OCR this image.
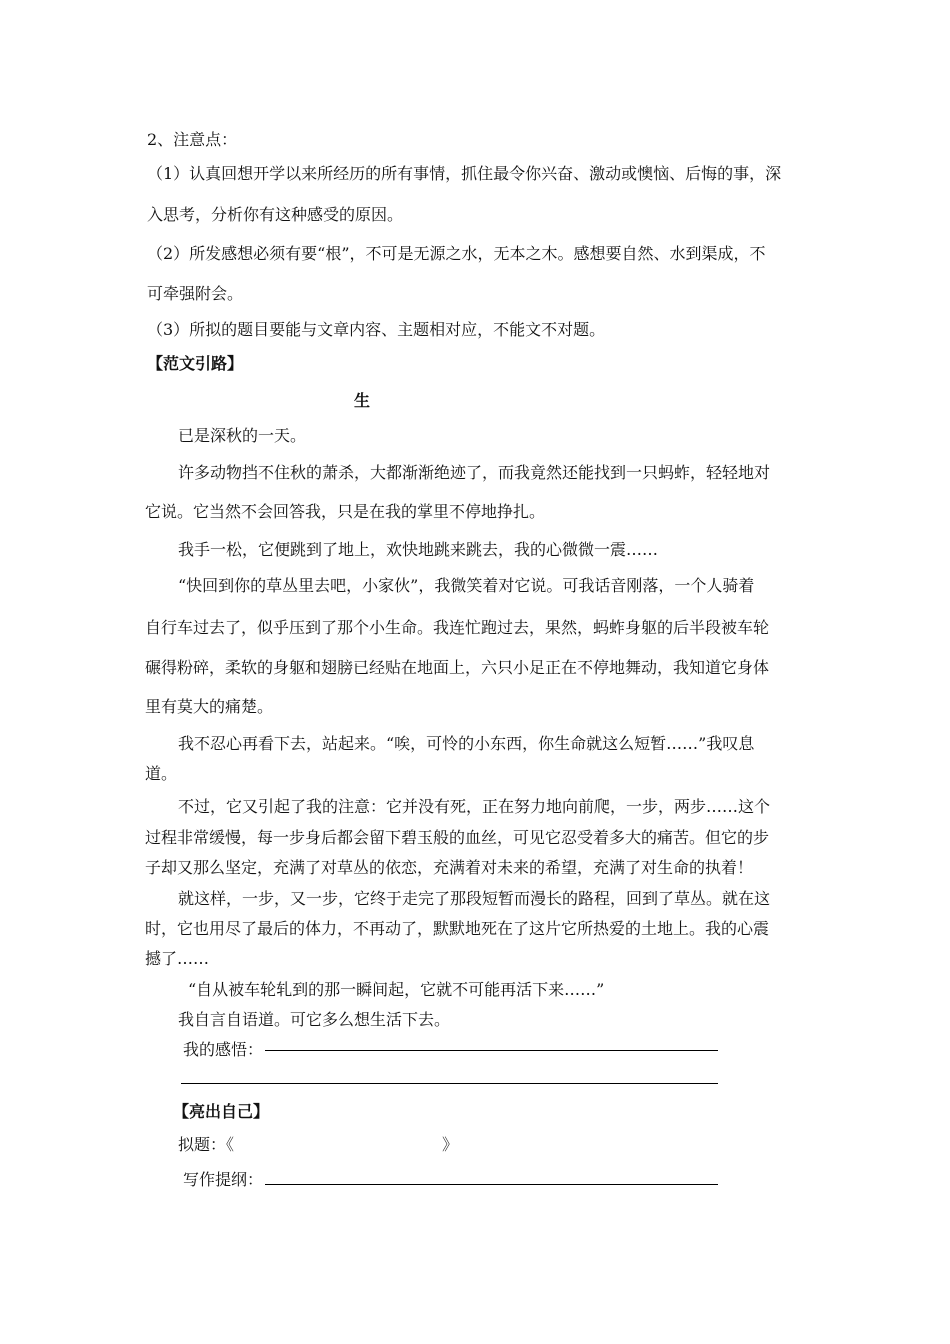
2、注意点：
（1）认真回想开学以来所经历的所有事情，抓住最令你兴奋、激动或懊恼、后悔的事，深
入思考，分析你有这种感受的原因。
（2）所发感想必须有要“根”，不可是无源之水，无本之木。感想要自然、水到渠成，不
可牵强附会。
（3）所拟的题目要能与文章内容、主题相对应，不能文不对题。
【范文引路】
生
已是深秋的一天。
许多动物挡不住秋的萧杀，大都渐渐绝迹了，而我竟然还能找到一只蚂蚱，轻轻地对
它说。它当然不会回答我，只是在我的掌里不停地挣扎。
我手一松，它便跳到了地上，欢快地跳来跳去，我的心微微一震……
“快回到你的草丛里去吧，小家伙”，我微笑着对它说。可我话音刚落，一个人骑着
自行车过去了，似乎压到了那个小生命。我连忙跑过去，果然，蚂蚱身躯的后半段被车轮
碾得粉碎，柔软的身躯和翅膀已经贴在地面上，六只小足正在不停地舞动，我知道它身体
里有莫大的痛楚。
我不忍心再看下去，站起来。“唉，可怜的小东西，你生命就这么短暂……”我叹息
道。
不过，它又引起了我的注意：它并没有死，正在努力地向前爬，一步，两步……这个
过程非常缓慢，每一步身后都会留下碧玉般的血丝，可见它忍受着多大的痛苦。但它的步
子却又那么坚定，充满了对草丛的依恋，充满着对未来的希望，充满了对生命的执着！
就这样，一步，又一步，它终于走完了那段短暂而漫长的路程，回到了草丛。就在这
时，它也用尽了最后的体力，不再动了，默默地死在了这片它所热爱的土地上。我的心震
撼了……
“自从被车轮轧到的那一瞬间起，它就不可能再活下来……”
我自言自语道。可它多么想生活下去。
我的感悟：
【亮出自己】
拟题：《	》
写作提纲：
